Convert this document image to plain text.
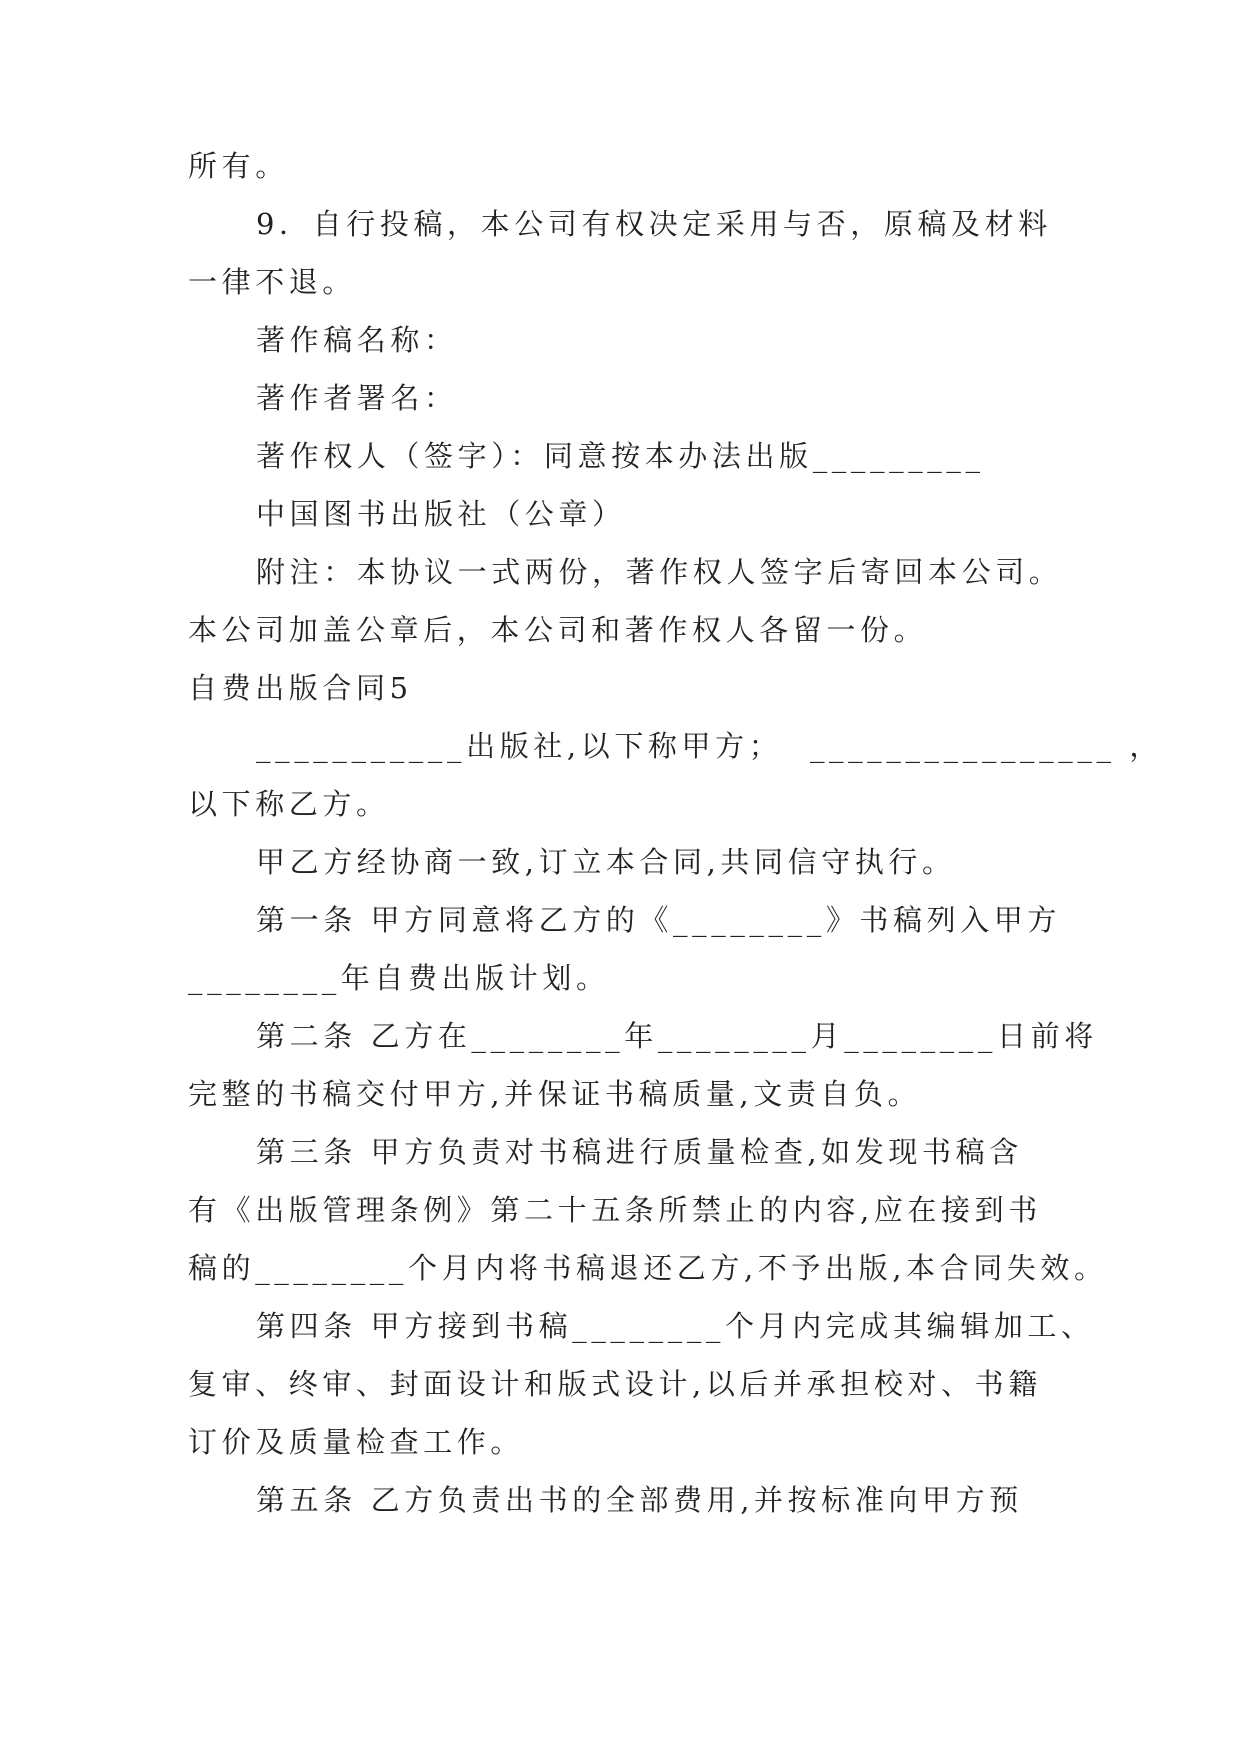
所有。
9．自行投稿，本公司有权决定采用与否，原稿及材料
一律不退。
著作稿名称：
著作者署名：
著作权人（签字）：同意按本办法出版_________
中国图书出版社（公章）
附注：本协议一式两份，著作权人签字后寄回本公司。
本公司加盖公章后，本公司和著作权人各留一份。
自费出版合同5
___________出版社,以下称甲方；  ________________ ，
以下称乙方。
甲乙方经协商一致,订立本合同,共同信守执行。
第一条 甲方同意将乙方的《________》书稿列入甲方
________年自费出版计划。
第二条 乙方在________年________月________日前将
完整的书稿交付甲方,并保证书稿质量,文责自负。
第三条 甲方负责对书稿进行质量检查,如发现书稿含
有《出版管理条例》第二十五条所禁止的内容,应在接到书
稿的________个月内将书稿退还乙方,不予出版,本合同失效。
第四条 甲方接到书稿________个月内完成其编辑加工、
复审、终审、封面设计和版式设计,以后并承担校对、书籍
订价及质量检查工作。
第五条 乙方负责出书的全部费用,并按标准向甲方预
